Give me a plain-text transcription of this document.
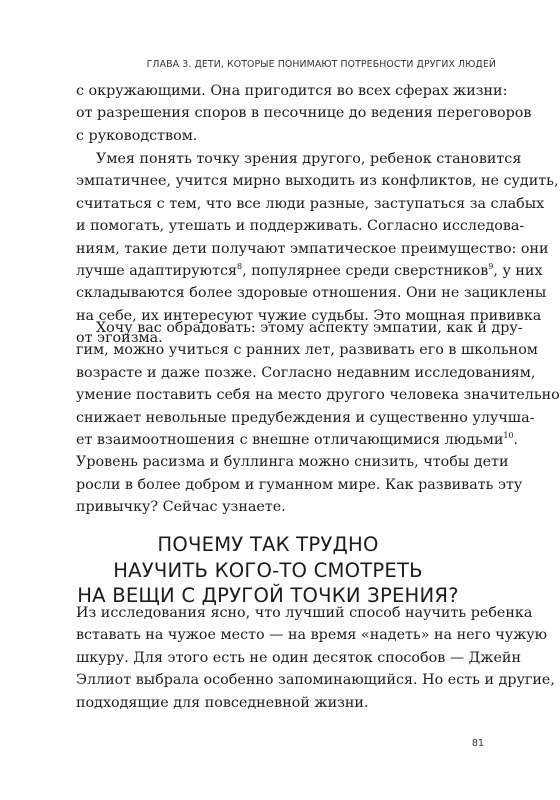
ГЛАВА 3. ДЕТИ, КОТОРЫЕ ПОНИМАЮТ ПОТРЕБНОСТИ ДРУГИХ ЛЮДЕЙ

с окружающими. Она пригодится во всех сферах жизни:
от разрешения споров в песочнице до ведения переговоров
с руководством.

Умея понять точку зрения другого, ребенок становится
эмпатичнее, учится мирно выходить из конфликтов, не судить,
считаться с тем, что все люди разные, заступаться за слабых
и помогать, утешать и поддерживать. Согласно исследова-
ниям, такие дети получают эмпатическое преимущество: они
лучше адаптируются$^8$, популярнее среди сверстников$^9$, у них
складываются более здоровые отношения. Они не зациклены
на себе, их интересуют чужие судьбы. Это мощная прививка
от эгоизма.

Хочу вас обрадовать: этому аспекту эмпатии, как и дру-
гим, можно учиться с ранних лет, развивать его в школьном
возрасте и даже позже. Согласно недавним исследованиям,
умение поставить себя на место другого человека значительно
снижает невольные предубеждения и существенно улучша-
ет взаимоотношения с внешне отличающимися людьми$^{10}$.
Уровень расизма и буллинга можно снизить, чтобы дети
росли в более добром и гуманном мире. Как развивать эту
привычку? Сейчас узнаете.

ПОЧЕМУ ТАК ТРУДНО
НАУЧИТЬ КОГО-ТО СМОТРЕТЬ
НА ВЕЩИ С ДРУГОЙ ТОЧКИ ЗРЕНИЯ?

Из исследования ясно, что лучший способ научить ребенка
вставать на чужое место — на время «надеть» на него чужую
шкуру. Для этого есть не один десяток способов — Джейн
Эллиот выбрала особенно запоминающийся. Но есть и другие,
подходящие для повседневной жизни.

81
